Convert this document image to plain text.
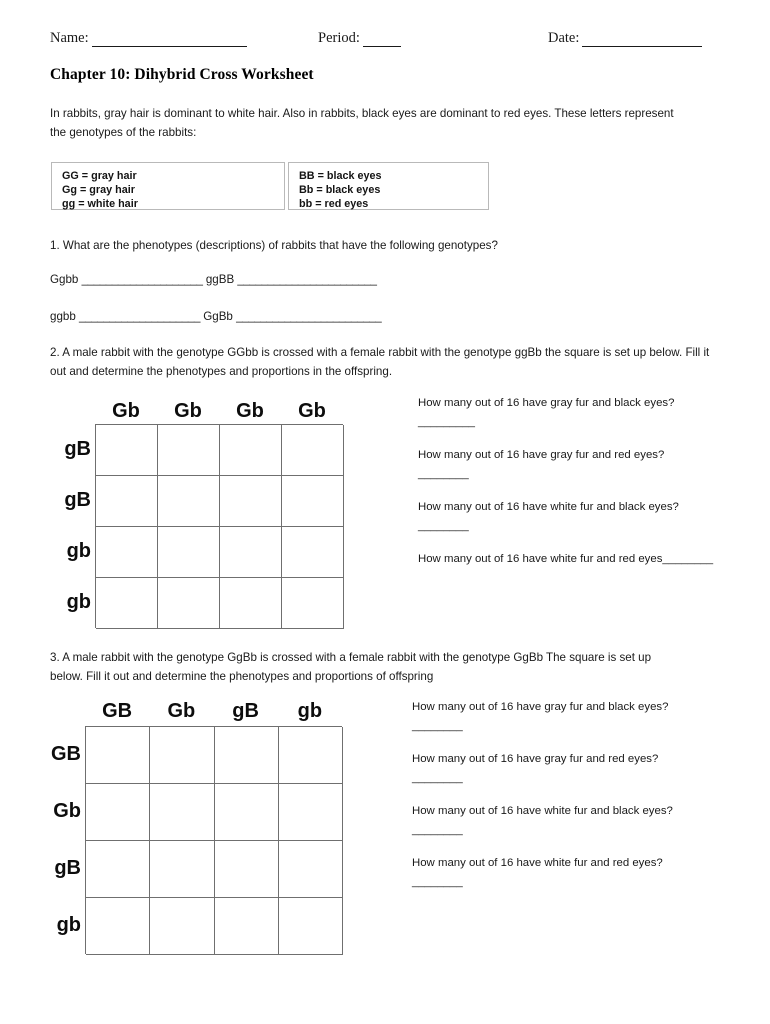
Name:	Period:	Date:
Chapter 10: Dihybrid Cross Worksheet
In rabbits, gray hair is dominant to white hair. Also in rabbits, black eyes are dominant to red eyes. These letters represent the genotypes of the rabbits:
GG = gray hair
Gg = gray hair
gg = white hair
BB = black eyes
Bb = black eyes
bb = red eyes
1. What are the phenotypes (descriptions) of rabbits that have the following genotypes?
Ggbb ____________________ ggBB _______________________
ggbb ____________________ GgBb ________________________
2. A male rabbit with the genotype GGbb is crossed with a female rabbit with the genotype ggBb the square is set up below. Fill it out and determine the phenotypes and proportions in the offspring.
Gb	Gb	Gb	Gb
gB
gB
gb
gb
How many out of 16 have gray fur and black eyes? _________
How many out of 16 have gray fur and red eyes? ________
How many out of 16 have white fur and black eyes? ________
How many out of 16 have white fur and red eyes________
3. A male rabbit with the genotype GgBb is crossed with a female rabbit with the genotype GgBb The square is set up below. Fill it out and determine the phenotypes and proportions of offspring
GB	Gb	gB	gb
GB
Gb
gB
gb
How many out of 16 have gray fur and black eyes? ________
How many out of 16 have gray fur and red eyes? ________
How many out of 16 have white fur and black eyes? ________
How many out of 16 have white fur and red eyes? ________
